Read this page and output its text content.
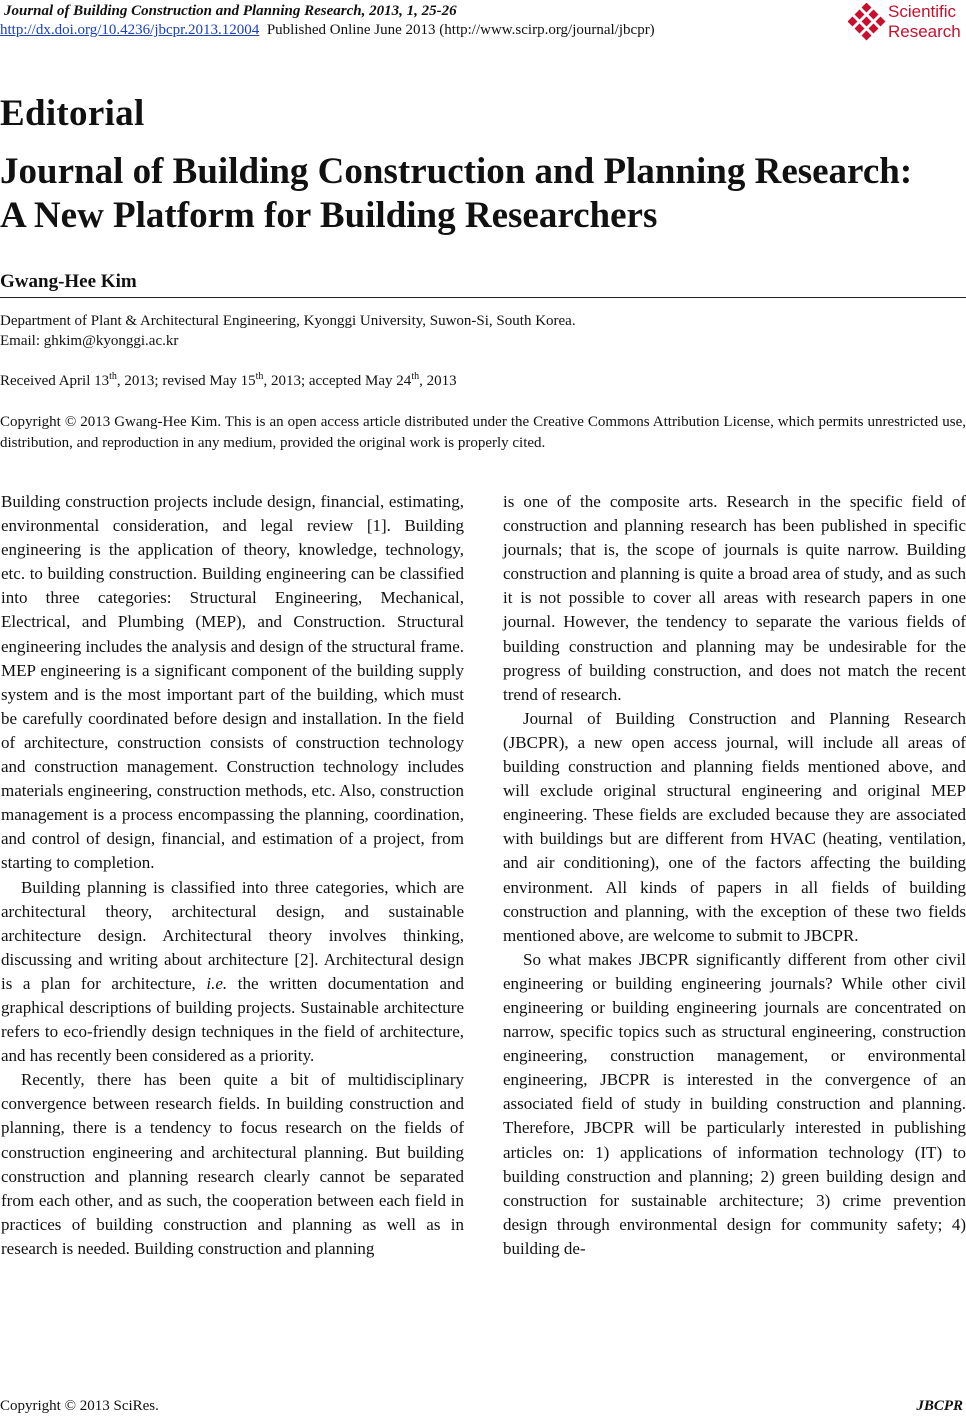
Journal of Building Construction and Planning Research, 2013, 1, 25-26
http://dx.doi.org/10.4236/jbcpr.2013.12004 Published Online June 2013 (http://www.scirp.org/journal/jbcpr)
Scientific
Research
Editorial
Journal of Building Construction and Planning Research:
A New Platform for Building Researchers
Gwang-Hee Kim
Department of Plant & Architectural Engineering, Kyonggi University, Suwon-Si, South Korea.
Email: ghkim@kyonggi.ac.kr
Received April 13th, 2013; revised May 15th, 2013; accepted May 24th, 2013
Copyright © 2013 Gwang-Hee Kim. This is an open access article distributed under the Creative Commons Attribution License, which permits unrestricted use, distribution, and reproduction in any medium, provided the original work is properly cited.

Building construction projects include design, financial, estimating, environmental consideration, and legal review [1]. Building engineering is the application of theory, knowledge, technology, etc. to building construction. Building engineering can be classified into three categories: Structural Engineering, Mechanical, Electrical, and Plumbing (MEP), and Construction. Structural engineering includes the analysis and design of the structural frame. MEP engineering is a significant component of the building supply system and is the most important part of the building, which must be carefully coordinated before design and installation. In the field of architecture, construction consists of construction technology and construction management. Construction technology includes materials engineering, construction methods, etc. Also, construction management is a process encompassing the planning, coordination, and control of design, financial, and estimation of a project, from starting to completion.

Building planning is classified into three categories, which are architectural theory, architectural design, and sustainable architecture design. Architectural theory involves thinking, discussing and writing about architecture [2]. Architectural design is a plan for architecture, i.e. the written documentation and graphical descriptions of building projects. Sustainable architecture refers to eco-friendly design techniques in the field of architecture, and has recently been considered as a priority.

Recently, there has been quite a bit of multidisciplinary convergence between research fields. In building construction and planning, there is a tendency to focus research on the fields of construction engineering and architectural planning. But building construction and planning research clearly cannot be separated from each other, and as such, the cooperation between each field in practices of building construction and planning as well as in research is needed. Building construction and planning

is one of the composite arts. Research in the specific field of construction and planning research has been published in specific journals; that is, the scope of journals is quite narrow. Building construction and planning is quite a broad area of study, and as such it is not possible to cover all areas with research papers in one journal. However, the tendency to separate the various fields of building construction and planning may be undesirable for the progress of building construction, and does not match the recent trend of research.

Journal of Building Construction and Planning Research (JBCPR), a new open access journal, will include all areas of building construction and planning fields mentioned above, and will exclude original structural engineering and original MEP engineering. These fields are excluded because they are associated with buildings but are different from HVAC (heating, ventilation, and air conditioning), one of the factors affecting the building environment. All kinds of papers in all fields of building construction and planning, with the exception of these two fields mentioned above, are welcome to submit to JBCPR.

So what makes JBCPR significantly different from other civil engineering or building engineering journals? While other civil engineering or building engineering journals are concentrated on narrow, specific topics such as structural engineering, construction engineering, construction management, or environmental engineering, JBCPR is interested in the convergence of an associated field of study in building construction and planning. Therefore, JBCPR will be particularly interested in publishing articles on: 1) applications of information technology (IT) to building construction and planning; 2) green building design and construction for sustainable architecture; 3) crime prevention design through environmental design for community safety; 4) building de-

Copyright © 2013 SciRes.	JBCPR
